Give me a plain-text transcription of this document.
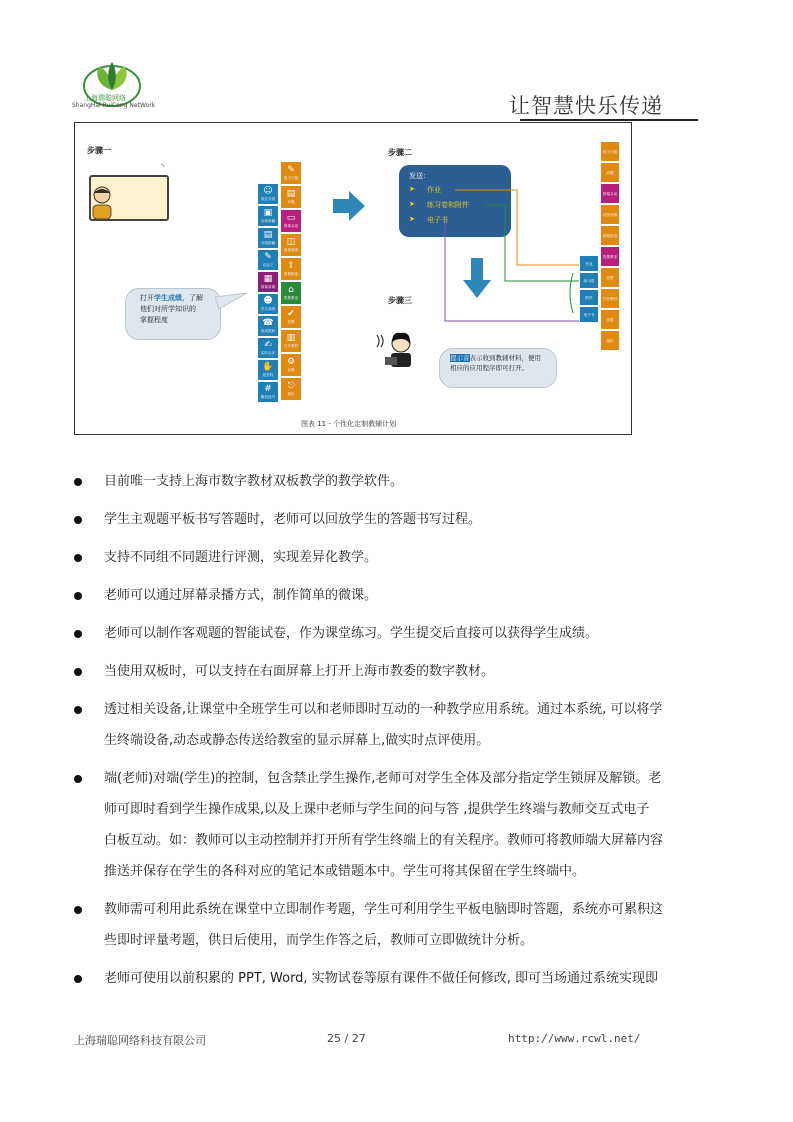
上海瑞聪网络
ShangHai RuiCong NetWork	让智慧快乐传递
步骤一	步骤二
步骤三
◝
☺
设定分组
▣
全体屏蔽
▤
分组屏蔽
✎
自定义
▦
屏幕录像
☻
学生成绩
☎
电话提问
✍
实时点评
✋
抢答权
#
随机选号
✎
电子白板
▤
评题
▭
屏幕互动
◫
设备管理
⇪
屏幕推送
⌂
智慧教室
✔
投票
▥
打开教材
⚙
设置
⎋
退出
打开学生成绩，了解
他们对所学知识的
掌握程度
发送：
➤ 作业
➤ 练习卷和附件
➤ 电子书
作业
练习卷
附件
电子书
电子白板
评题
屏幕互动
设备管理
屏幕推送
智慧教室
投票
打开教材
设置
退出
提示音表示收到教辅材料，便用
相应的应用程序即可打开。
图表 11 - 个性化定制教辅计划
目前唯一支持上海市数字教材双板教学的教学软件。
学生主观题平板书写答题时，老师可以回放学生的答题书写过程。
支持不同组不同题进行评测，实现差异化教学。
老师可以通过屏幕录播方式，制作简单的微课。
老师可以制作客观题的智能试卷，作为课堂练习。学生提交后直接可以获得学生成绩。
当使用双板时，可以支持在右面屏幕上打开上海市教委的数字教材。
透过相关设备,让课堂中全班学生可以和老师即时互动的一种教学应用系统。通过本系统, 可以将学
生终端设备,动态或静态传送给教室的显示屏幕上,做实时点评使用。
端(老师)对端(学生)的控制，包含禁止学生操作,老师可对学生全体及部分指定学生锁屏及解锁。老
师可即时看到学生操作成果,以及上课中老师与学生间的问与答 ,提供学生终端与教师交互式电子
白板互动。如：教师可以主动控制并打开所有学生终端上的有关程序。教师可将教师端大屏幕内容
推送并保存在学生的各科对应的笔记本或错题本中。学生可将其保留在学生终端中。
教师需可利用此系统在课堂中立即制作考题，学生可利用学生平板电脑即时答题，系统亦可累积这
些即时评量考题，供日后使用，而学生作答之后，教师可立即做统计分析。
老师可使用以前积累的 PPT, Word, 实物试卷等原有课件不做任何修改, 即可当场通过系统实现即
上海瑞聪网络科技有限公司	25 / 27	http://www.rcwl.net/
